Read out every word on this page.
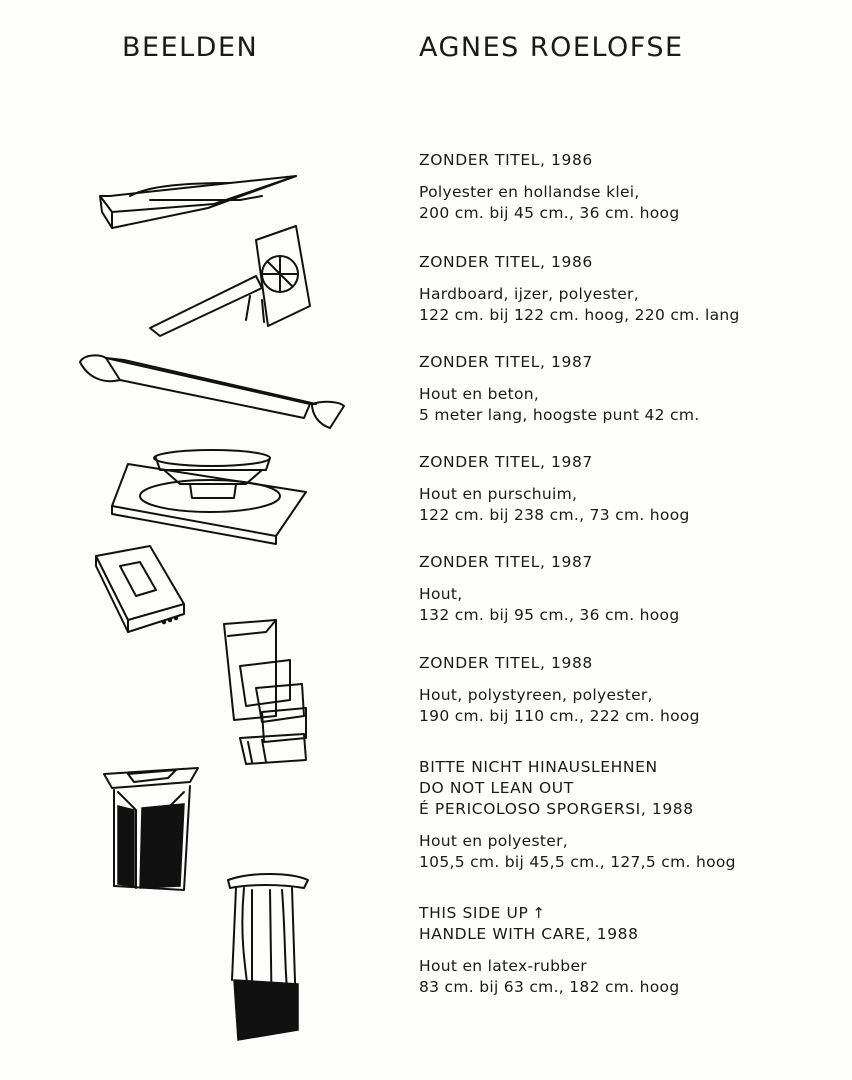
BEELDEN	AGNES ROELOFSE
ZONDER TITEL, 1986
Polyester en hollandse klei,
200 cm. bij 45 cm., 36 cm. hoog
ZONDER TITEL, 1986
Hardboard, ijzer, polyester,
122 cm. bij 122 cm. hoog, 220 cm. lang
ZONDER TITEL, 1987
Hout en beton,
5 meter lang, hoogste punt 42 cm.
ZONDER TITEL, 1987
Hout en purschuim,
122 cm. bij 238 cm., 73 cm. hoog
ZONDER TITEL, 1987
Hout,
132 cm. bij 95 cm., 36 cm. hoog
ZONDER TITEL, 1988
Hout, polystyreen, polyester,
190 cm. bij 110 cm., 222 cm. hoog
BITTE NICHT HINAUSLEHNEN
DO NOT LEAN OUT
É PERICOLOSO SPORGERSI, 1988
Hout en polyester,
105,5 cm. bij 45,5 cm., 127,5 cm. hoog
THIS SIDE UP ↑
HANDLE WITH CARE, 1988
Hout en latex-rubber
83 cm. bij 63 cm., 182 cm. hoog
